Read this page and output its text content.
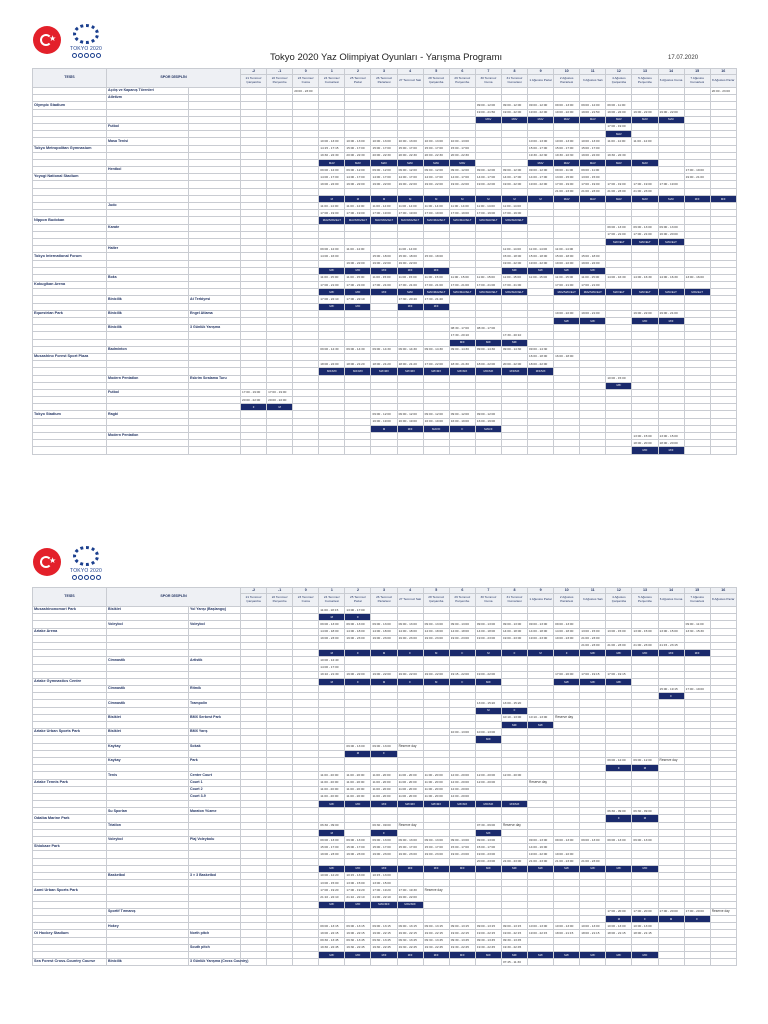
★
TOKYO 2020
Tokyo 2020 Yaz Olimpiyat Oyunları - Yarışma Programı	17.07.2020
TESİS	SPOR DİSİPLİN		-2	-1	0	1	2	3	4	5	6	7	8	9	10	11	12	13	14	15	16
			21 Temmuz Çarşamba	22 Temmuz Perşembe	23 Temmuz Cuma	24 Temmuz Cumartesi	25 Temmuz Pazar	26 Temmuz Pazartesi	27 Temmuz Salı	28 Temmuz Çarşamba	29 Temmuz Perşembe	30 Temmuz Cuma	31 Temmuz Cumartesi	1 Ağustos Pazar	2 Ağustos Pazartesi	3 Ağustos Salı	4 Ağustos Çarşamba	5 Ağustos Perşembe	6 Ağustos Cuma	7 Ağustos Cumartesi	8 Ağustos Pazar
	Açılış ve Kapanış Törenleri				20:00 - 23:00																20:00 - 23:00
	Atletizm																				
Olympic Stadium												09:00 - 12:00	09:00 - 12:00	09:00 - 12:00	09:00 - 13:00	09:00 - 12:00	09:00 - 11:00				
												19:00 - 21:50	19:00 - 22:00	19:00 - 22:00	19:00 - 22:00	19:00 - 21:50	19:00 - 22:00	19:00 - 22:00	19:00 - 22:00		
												MAV	MAV	MAV	MAV	MAV	MAV	MAV	MAV		
	Futbol																17:00 - 19:00				
																	MAV				
	Masa Tenisi					10:00 - 13:00	10:00 - 13:00	10:00 - 13:00	10:00 - 13:00	10:00 - 13:00	10:00 - 13:00			10:00 - 13:00	10:00 - 13:00	10:00 - 13:00	11:00 - 14:00	11:00 - 14:00			
Tokyo Metropolitan Gymnasium						14:15 - 17:15	15:00 - 17:00	15:00 - 17:00	15:00 - 17:00	15:00 - 17:00	15:00 - 17:00			15:00 - 17:00	15:00 - 17:00	15:00 - 17:00					
						19:30 - 22:30	20:00 - 22:30	20:00 - 22:30	20:00 - 22:30	20:00 - 22:30	20:00 - 22:30			19:30 - 22:30	19:30 - 22:30	19:00 - 22:00	19:30 - 22:30				
						MAV	MAV	MAV	MAV	MAV	MAV			MAV	MAV	MAV	MAV	MAV			
	Hentbol					09:00 - 12:00	09:00 - 12:00	09:00 - 12:00	09:00 - 12:00	09:00 - 12:00	09:00 - 12:00	09:00 - 12:00	09:00 - 12:00	09:00 - 12:00	09:00 - 11:00	09:00 - 11:00				17:00 - 19:00	
Yoyogi National Stadium						14:00 - 17:00	14:00 - 17:00	14:00 - 17:00	14:00 - 17:00	14:00 - 17:00	14:00 - 17:00	14:00 - 17:00	14:00 - 17:00	14:00 - 17:00	13:00 - 15:00	13:00 - 15:00				19:00 - 21:00	
						19:00 - 22:00	19:00 - 22:00	19:00 - 22:00	19:00 - 22:00	19:00 - 22:00	19:00 - 22:00	19:00 - 22:00	19:00 - 22:00	19:00 - 22:00	17:00 - 19:00	17:00 - 19:00	17:00 - 19:00	17:00 - 19:00	17:00 - 19:00		
															21:00 - 23:00	21:00 - 23:00	21:00 - 23:00	21:00 - 23:00			
						M	M	M	M	M	M	M	M	M	MAV	MAV	MAV	MAV	MAV	M/F	M/F
	Judo					11:00 - 14:00	11:00 - 14:00	11:00 - 14:00	11:00 - 14:00	11:00 - 14:00	11:00 - 14:00	11:00 - 14:00	11:00 - 14:00								
						17:00 - 19:00	17:00 - 19:00	17:00 - 19:00	17:00 - 19:00	17:00 - 19:00	17:00 - 19:00	17:00 - 19:00	17:00 - 19:00								
Nippon Budokan						MAV/MAV/ELT	MAV/MAV/ELT	MAV/MAV/ELT	MAV/MAV/ELT	MAV/MAV/ELT	MAV/MAV/ELT	MAV/MAV/ELT	MAV/MAV/ELT								
	Karate																09:00 - 13:00	09:00 - 13:00	09:00 - 13:00		
																	17:00 - 21:00	17:00 - 21:00	16:00 - 20:00		
																	MAV/ELT	MAV/ELT	MAV/ELT		
	Halter					09:00 - 12:00	11:00 - 14:00		11:00 - 14:00				11:00 - 14:00	11:00 - 14:00	11:00 - 14:00						
Tokyo International Forum						14:00 - 16:00		15:00 - 18:00	15:00 - 18:00	15:00 - 18:00			15:00 - 18:00	15:00 - 18:00	15:00 - 18:00	15:00 - 18:00					
							19:00 - 22:00	19:00 - 22:00	19:00 - 22:00				19:00 - 22:00	19:00 - 22:00	19:00 - 22:00	19:00 - 22:00					
						M/F	M/F	M/F	M/F	M/F			M/F	M/F	M/F	M/F					
	Boks					11:00 - 15:00	11:00 - 15:00	11:00 - 15:00	11:00 - 15:00	11:00 - 15:00	11:00 - 15:00	11:00 - 15:00	11:00 - 15:00	11:00 - 15:00	11:00 - 15:00	11:00 - 15:00	14:00 - 16:30	14:00 - 16:30	14:00 - 16:30	13:00 - 16:00	
Kokugikan Arena						17:00 - 21:00	17:00 - 21:00	17:00 - 21:00	17:00 - 21:00	17:00 - 21:00	17:00 - 21:00	17:00 - 21:00	17:00 - 21:00		17:00 - 21:00	17:00 - 21:00					
						M/F	M/F	M/F	MAV	MAV/MAV/ELT	MAV/MAV/ELT	MAV/MAV/ELT	MAV/MAV/ELT		MAV/MAV/ELT	MAV/MAV/ELT	MAV/ELT	MAV/ELT	MAV/ELT	MAV/ELT	
	Binicilik	At Terbiyesi				17:00 - 22:10	17:00 - 22:10		17:30 - 20:40	17:30 - 21:20											
						M/F	M/F		M/F	M/F											
Equestrian Park	Binicilik	Engel Atlama													19:00 - 22:00	19:00 - 21:00		19:00 - 22:00	19:00 - 21:00		
															M/F	M/F		M/F	M/F		
	Binicilik	3 Günlük Yarışma									08:30 - 17:00	08:30 - 17:00									
											17:30 - 20:10		17:30 - 20:10								
											M/F	M/F	M/F								
	Badminton					09:00 - 14:30	09:00 - 14:30	09:00 - 14:30	09:00 - 14:30	09:00 - 14:30	09:00 - 14:30	09:00 - 14:30	09:00 - 14:30	09:00 - 14:30							
Musashino Forest Sport Plaza														16:00 - 18:00	16:00 - 18:00						
						18:00 - 22:00	18:00 - 21:20	18:00 - 21:20	18:00 - 21:20	17:00 - 22:00	18:30 - 21:30	18:00 - 22:00	20:00 - 22:00	18:00 - 22:00							
						M/F/MX	M/F/MX	M/F/MX	M/F/MX	M/F/MX	M/F/MX	M/F/MX	M/F/MX	M/F/MX							
	Modern Pentatlon	Eskrim Sıralama Turu															10:00 - 15:00				
																	M/F				
	Futbol		17:00 - 19:00	17:00 - 19:00																	
			20:00 - 22:00	20:00 - 22:00																	
			F	M																	
Tokyo Stadium	Ragbi							09:00 - 12:00	09:00 - 12:00	09:00 - 12:00	09:00 - 12:00	09:00 - 12:00									
								16:00 - 19:00	16:00 - 19:00	16:00 - 19:00	16:00 - 19:00	16:00 - 19:00									
								M	M/F	MAV/F	F	MAV/F									
	Modern Pentatlon																	13:00 - 15:00	13:00 - 15:00		
																		18:00 - 20:00	18:00 - 20:00		
																		M/F	M/F		
★
TOKYO 2020
TESİS	SPOR DİSİPLİN		-2	-1	0	1	2	3	4	5	6	7	8	9	10	11	12	13	14	15	16
			21 Temmuz Çarşamba	22 Temmuz Perşembe	23 Temmuz Cuma	24 Temmuz Cumartesi	25 Temmuz Pazar	26 Temmuz Pazartesi	27 Temmuz Salı	28 Temmuz Çarşamba	29 Temmuz Perşembe	30 Temmuz Cuma	31 Temmuz Cumartesi	1 Ağustos Pazar	2 Ağustos Pazartesi	3 Ağustos Salı	4 Ağustos Çarşamba	5 Ağustos Perşembe	6 Ağustos Cuma	7 Ağustos Cumartesi	8 Ağustos Pazar
Musashinonomori Park	Bisiklet	Yol Yarışı (Başlangıç)				11:00 - 18:15	13:00 - 17:00														
						M	F														
	Voleybol	Voleybol				09:00 - 13:00	09:00 - 13:00	09:00 - 13:00	09:00 - 13:00	09:00 - 13:00	09:00 - 13:00	09:00 - 13:00	09:00 - 13:00	09:00 - 13:00	09:00 - 13:00					09:00 - 11:00	
Ariake Arena						14:00 - 18:00	14:00 - 18:00	14:00 - 18:00	14:00 - 18:00	14:00 - 18:00	14:00 - 18:00	14:00 - 18:00	14:00 - 18:00	14:00 - 18:00	14:00 - 18:00	13:00 - 15:00	13:00 - 15:00	13:00 - 15:00	13:00 - 15:00	13:30 - 15:30	
						19:00 - 23:00	19:00 - 23:00	19:00 - 23:00	19:00 - 23:00	19:00 - 23:00	19:00 - 23:00	19:00 - 23:00	19:00 - 23:00	19:00 - 23:00	19:00 - 23:00	21:00 - 23:00					
																21:00 - 23:00	21:00 - 23:00	21:00 - 23:00	21:15 - 23:15		
						M	F	M	F	M	F	M	F	M	F	M/F	M/F	M/F	M/F	M/F	
	Cimnastik	Artistik				10:00 - 12:40															
						14:00 - 17:00															
						19:10 - 21:30	19:00 - 22:00	19:00 - 22:00	19:00 - 22:00	19:00 - 22:00	19:15 - 22:00	19:00 - 22:00			17:00 - 20:00	17:00 - 19:15	17:00 - 19:15				
Ariake Gymnastics Centre						M	F	M	F	M	F	M/F			M/F	M/F	M/F				
	Cimnastik	Ritmik																	15:00 - 19:15	17:00 - 19:00	
																			F		
	Cimnastik	Trampolin										13:00 - 15:20	13:00 - 15:20								
												M	F								
	Bisiklet	BMX Serbest Park											10:10 - 13:00	10:10 - 13:00	Reserve day						
													M/F	M/F							
Ariake Urban Sports Park	Bisiklet	BMX Yarış									10:00 - 13:00	10:00 - 13:00									
												M/F									
	Kaykay	Sokak					09:00 - 13:00	09:00 - 13:00	Reserve day												
							M	F													
	Kaykay	Park															09:00 - 12:00	09:00 - 12:00	Reserve day		
																	F	M			
	Tenis	Center Court				11:00 - 20:00	11:00 - 20:00	11:00 - 20:00	11:00 - 20:00	11:00 - 20:00	12:00 - 20:00	12:00 - 20:00	12:00 - 20:00								
Ariake Tennis Park		Court 1				11:00 - 20:00	11:00 - 20:00	11:00 - 20:00	11:00 - 20:00	11:00 - 20:00	12:00 - 20:00	12:00 - 20:00		Reserve day							
		Court 2				11:00 - 20:00	11:00 - 20:00	11:00 - 20:00	11:00 - 20:00	11:00 - 20:00	12:00 - 20:00										
		Court 3-9				11:00 - 20:00	11:00 - 20:00	11:00 - 20:00	11:00 - 20:00	11:00 - 20:00	12:00 - 20:00										
						M/F	M/F	M/F	M/F/MX	M/F/MX	M/F/MX	M/F/MX	M/F/MX								
	Su Sporları	Maraton Yüzme															06:30 - 09:00	06:30 - 09:00			
Odaiba Marine Park																	F	M			
	Triatlon					06:30 - 09:00		06:30 - 09:00	Reserve day			07:30 - 09:00	Reserve day								
						M		F				MX									
	Voleybol	Plaj Voleybolu				09:00 - 13:00	09:00 - 13:00	09:00 - 13:00	09:00 - 13:00	09:00 - 13:00	09:00 - 13:00	09:00 - 13:00		09:00 - 13:00	09:00 - 13:00	09:00 - 13:00	09:00 - 13:00	09:00 - 13:00			
Shiokaze Park						15:00 - 17:00	15:00 - 17:00	15:00 - 17:00	15:00 - 17:00	15:00 - 17:00	15:00 - 17:00	15:00 - 17:00		14:00 - 16:00							
						19:00 - 23:00	19:00 - 23:00	19:00 - 23:00	19:00 - 23:00	19:00 - 23:00	19:00 - 23:00	19:00 - 23:00		19:00 - 22:00	19:00 - 22:00						
												20:00 - 23:00	21:00 - 23:00	21:00 - 23:00	21:00 - 23:00	21:00 - 23:00					
						M/F	M/F	M/F	M/F	M/F	M/F	M/F	M/F	M/F	M/F	M/F	M/F	M/F			
	Basketbol	3 × 3 Basketbol				10:00 - 12:20	10:15 - 13:00	10:15 - 13:00													
						13:00 - 15:00	13:00 - 15:00	13:00 - 15:00													
Aomi Urban Sports Park						17:00 - 19:20	17:00 - 19:20	17:00 - 19:20	17:00 - 19:30	Reserve day											
						21:10 - 22:10	21:10 - 22:10	21:00 - 22:10	19:00 - 22:00												
						M/F	M/F	MAV/M/F	MAV/M/F												
	Sportif Tırmanış																17:00 - 20:00	17:00 - 20:00	17:00 - 20:00	17:00 - 20:00	Reserve day
																	M	F	M	F	
	Hokey					09:00 - 13:15	09:00 - 13:15	09:00 - 13:15	09:00 - 13:15	09:00 - 13:15	09:00 - 13:15	09:00 - 13:15	09:00 - 13:15	10:00 - 13:00	10:00 - 13:00	10:00 - 13:00	10:00 - 13:00	10:00 - 13:00			
Oi Hockey Stadium		North pitch				19:00 - 22:15	19:00 - 22:15	19:00 - 22:15	19:00 - 22:15	19:00 - 22:15	19:00 - 22:15	19:00 - 22:15	19:00 - 22:15	19:00 - 22:15	18:00 - 21:15	18:00 - 21:15	18:00 - 21:15	18:00 - 21:15			
						09:30 - 13:45	09:30 - 13:45	09:30 - 13:45	09:30 - 13:45	09:30 - 13:45	09:30 - 13:45	09:30 - 13:45	09:30 - 13:45								
		South pitch				19:30 - 22:45	19:30 - 22:45	19:30 - 22:45	19:30 - 22:45	19:30 - 22:45	19:30 - 22:45	19:30 - 22:45	19:30 - 22:45								
						M/F	M/F	M/F	M/F	M/F	M/F	M/F	M/F	M/F	M/F	M/F	M/F	M/F			
Sea Forest Cross-Country Course	Binicilik	3 Günlük Yarışma (Cross Country)											07:45 - 11:30								
